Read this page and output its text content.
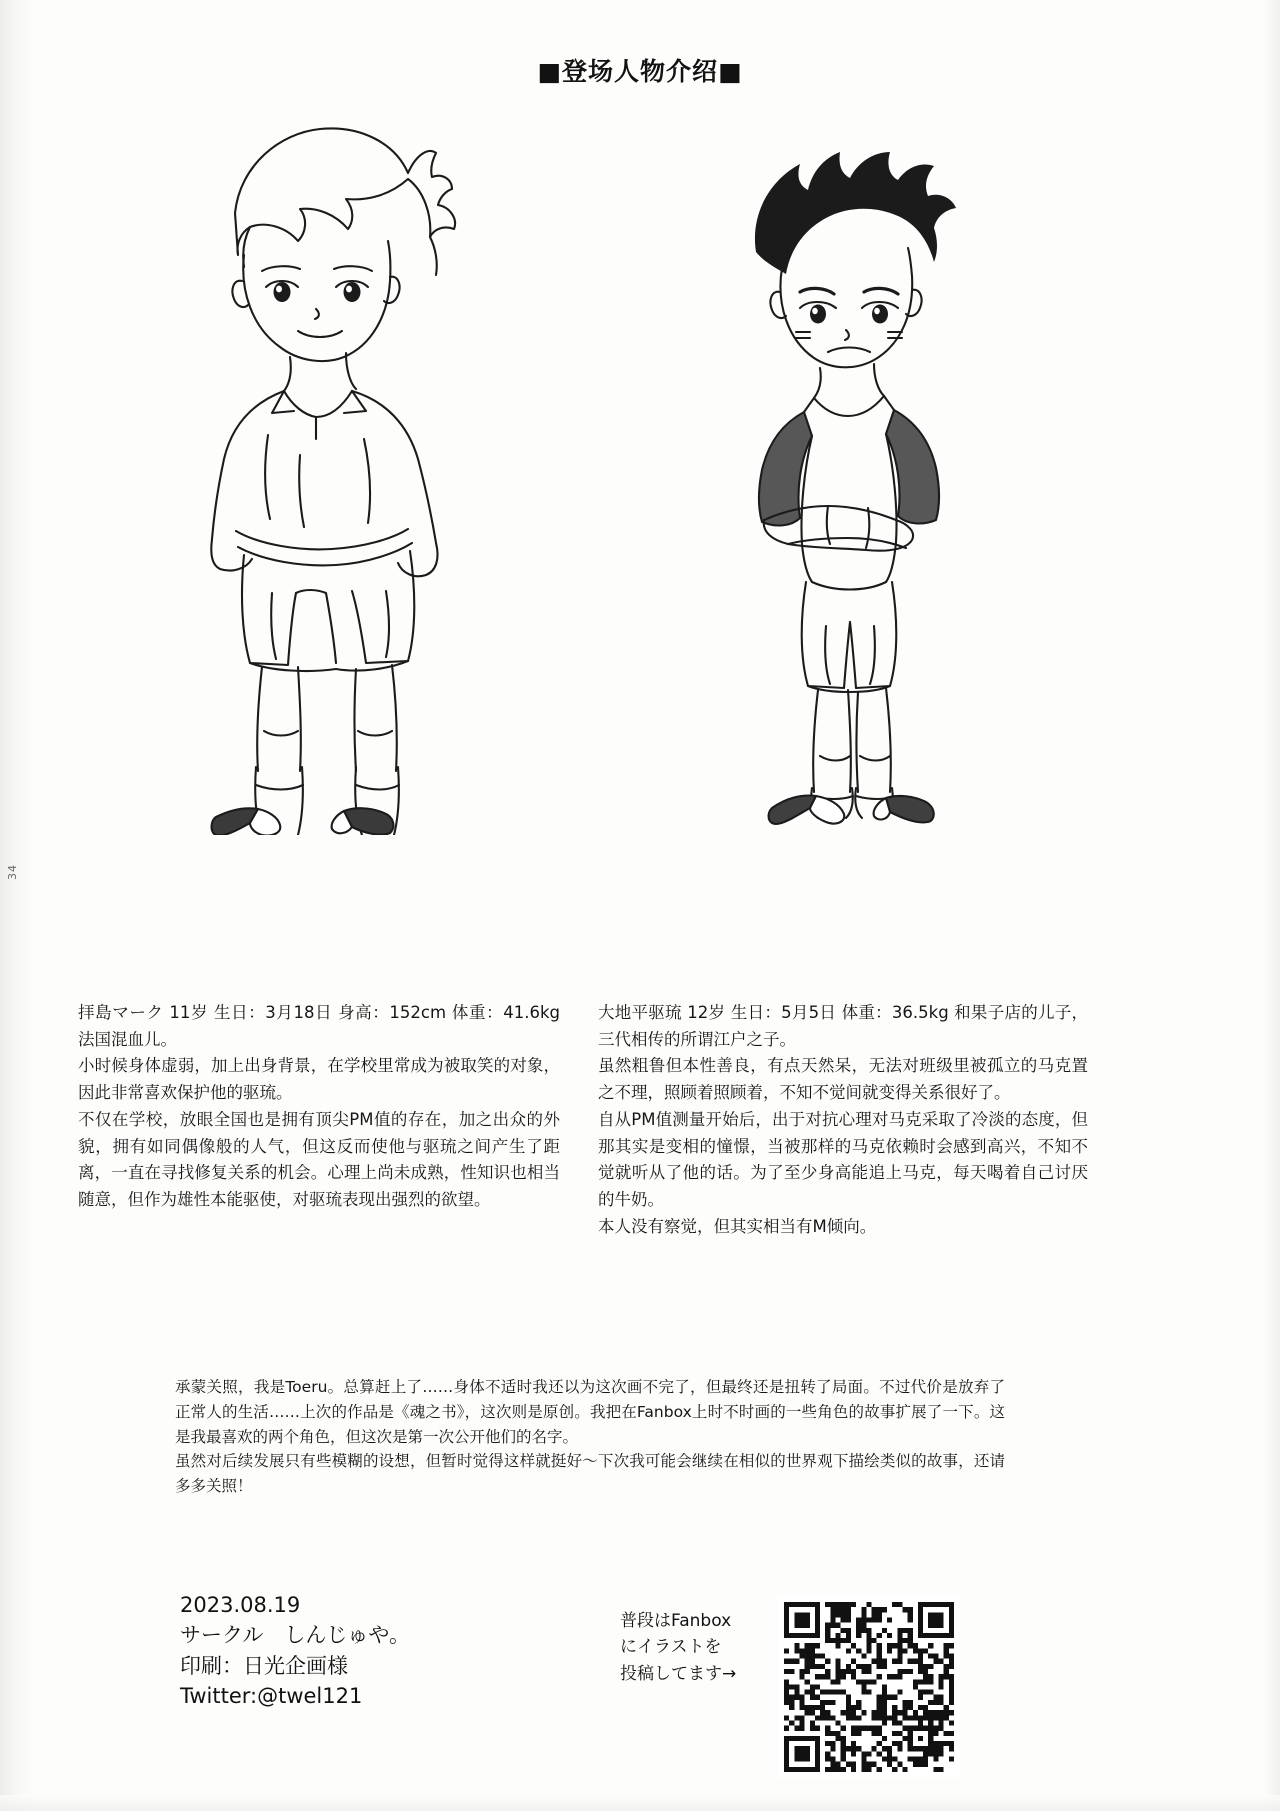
34
■登场人物介绍■

拝島マーク 11岁 生日：3月18日 身高：152cm 体重：41.6kg 法国混血儿。

小时候身体虚弱，加上出身背景，在学校里常成为被取笑的对象，因此非常喜欢保护他的驱琉。

不仅在学校，放眼全国也是拥有顶尖PM值的存在，加之出众的外貌，拥有如同偶像般的人气，但这反而使他与驱琉之间产生了距离，一直在寻找修复关系的机会。心理上尚未成熟，性知识也相当随意，但作为雄性本能驱使，对驱琉表现出强烈的欲望。

大地平驱琉 12岁 生日：5月5日 体重：36.5kg 和果子店的儿子，三代相传的所谓江户之子。

虽然粗鲁但本性善良，有点天然呆，无法对班级里被孤立的马克置之不理，照顾着照顾着，不知不觉间就变得关系很好了。

自从PM值测量开始后，出于对抗心理对马克采取了冷淡的态度，但那其实是变相的憧憬，当被那样的马克依赖时会感到高兴，不知不觉就听从了他的话。为了至少身高能追上马克，每天喝着自己讨厌的牛奶。

本人没有察觉，但其实相当有M倾向。

承蒙关照，我是Toeru。总算赶上了……身体不适时我还以为这次画不完了，但最终还是扭转了局面。不过代价是放弃了正常人的生活……上次的作品是《魂之书》，这次则是原创。我把在Fanbox上时不时画的一些角色的故事扩展了一下。这是我最喜欢的两个角色，但这次是第一次公开他们的名字。

虽然对后续发展只有些模糊的设想，但暂时觉得这样就挺好〜下次我可能会继续在相似的世界观下描绘类似的故事，还请多多关照！

2023.08.19
サークル　しんじゅや。
印刷：日光企画様
Twitter:@twel121
普段はFanbox
にイラストを
投稿してます→
